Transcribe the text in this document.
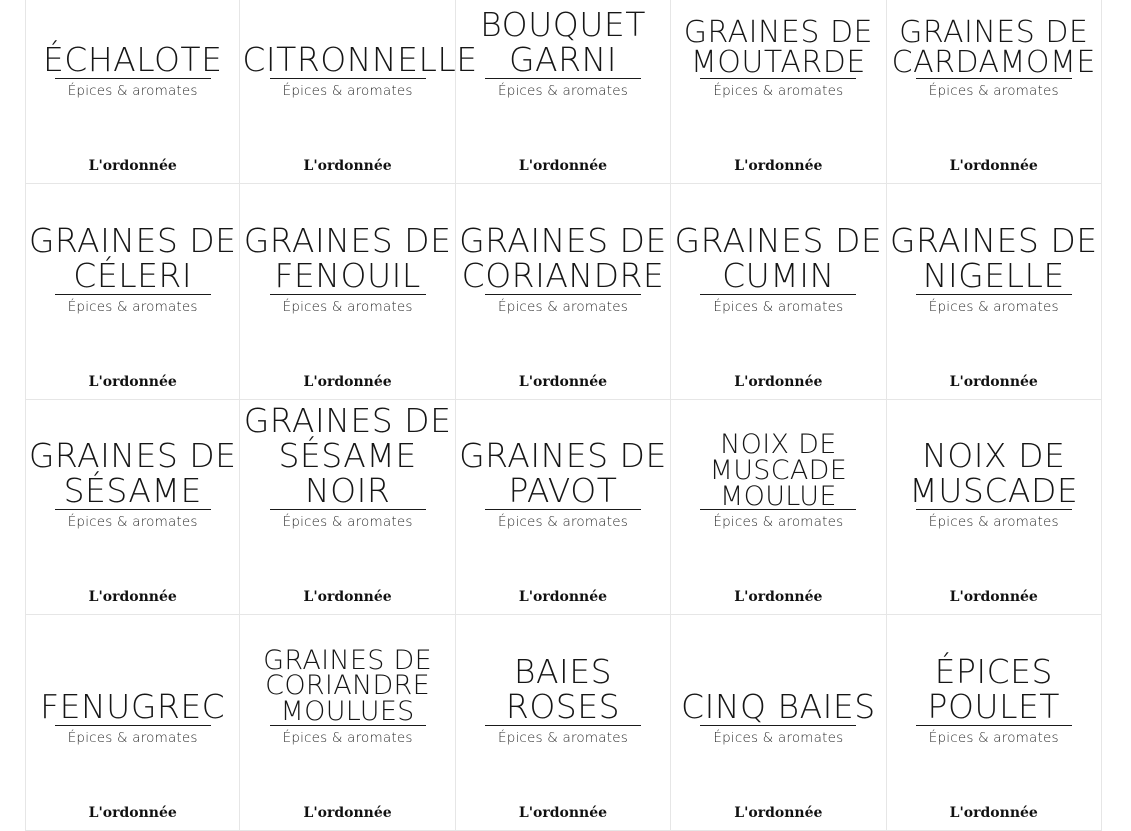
ÉCHALOTE
Épices & aromates
L'ordonnée
CITRONNELLE
Épices & aromates
L'ordonnée
BOUQUET GARNI
Épices & aromates
L'ordonnée
GRAINES DE MOUTARDE
Épices & aromates
L'ordonnée
GRAINES DE CARDAMOME
Épices & aromates
L'ordonnée
GRAINES DE CÉLERI
Épices & aromates
L'ordonnée
GRAINES DE FENOUIL
Épices & aromates
L'ordonnée
GRAINES DE CORIANDRE
Épices & aromates
L'ordonnée
GRAINES DE CUMIN
Épices & aromates
L'ordonnée
GRAINES DE NIGELLE
Épices & aromates
L'ordonnée
GRAINES DE SÉSAME
Épices & aromates
L'ordonnée
GRAINES DE SÉSAME NOIR
Épices & aromates
L'ordonnée
GRAINES DE PAVOT
Épices & aromates
L'ordonnée
NOIX DE MUSCADE MOULUE
Épices & aromates
L'ordonnée
NOIX DE MUSCADE
Épices & aromates
L'ordonnée
FENUGREC
Épices & aromates
L'ordonnée
GRAINES DE CORIANDRE MOULUES
Épices & aromates
L'ordonnée
BAIES ROSES
Épices & aromates
L'ordonnée
CINQ BAIES
Épices & aromates
L'ordonnée
ÉPICES POULET
Épices & aromates
L'ordonnée
